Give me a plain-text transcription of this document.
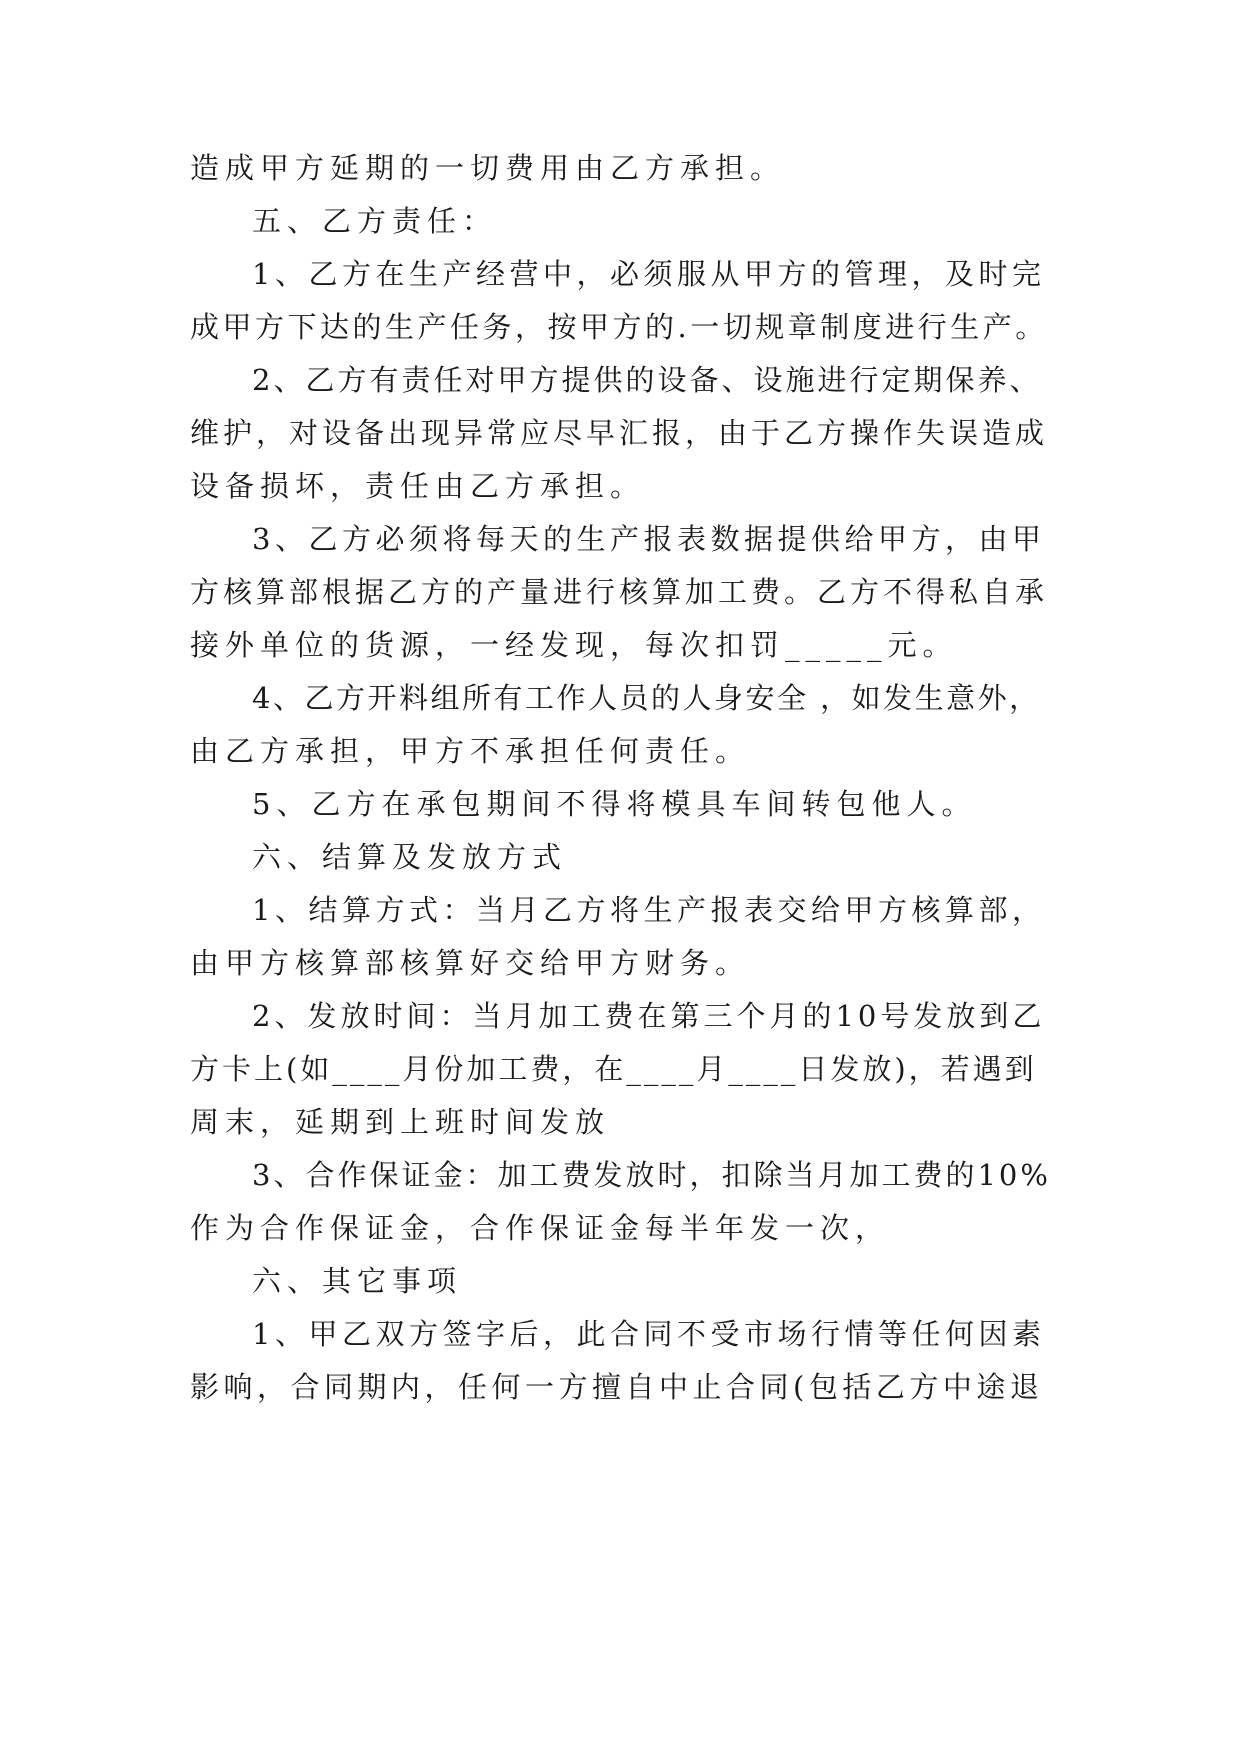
造成甲方延期的一切费用由乙方承担。
五、乙方责任：
1、乙方在生产经营中，必须服从甲方的管理，及时完
成甲方下达的生产任务，按甲方的.一切规章制度进行生产。
2、乙方有责任对甲方提供的设备、设施进行定期保养、
维护，对设备出现异常应尽早汇报，由于乙方操作失误造成
设备损坏，责任由乙方承担。
3、乙方必须将每天的生产报表数据提供给甲方，由甲
方核算部根据乙方的产量进行核算加工费。乙方不得私自承
接外单位的货源，一经发现，每次扣罚_____元。
4、乙方开料组所有工作人员的人身安全 ，如发生意外，
由乙方承担，甲方不承担任何责任。
5、乙方在承包期间不得将模具车间转包他人。
六、结算及发放方式
1、结算方式：当月乙方将生产报表交给甲方核算部，
由甲方核算部核算好交给甲方财务。
2、发放时间：当月加工费在第三个月的10号发放到乙
方卡上(如____月份加工费，在____月____日发放)，若遇到
周末，延期到上班时间发放
3、合作保证金：加工费发放时，扣除当月加工费的10%
作为合作保证金，合作保证金每半年发一次，
六、其它事项
1、甲乙双方签字后，此合同不受市场行情等任何因素
影响，合同期内，任何一方擅自中止合同(包括乙方中途退
